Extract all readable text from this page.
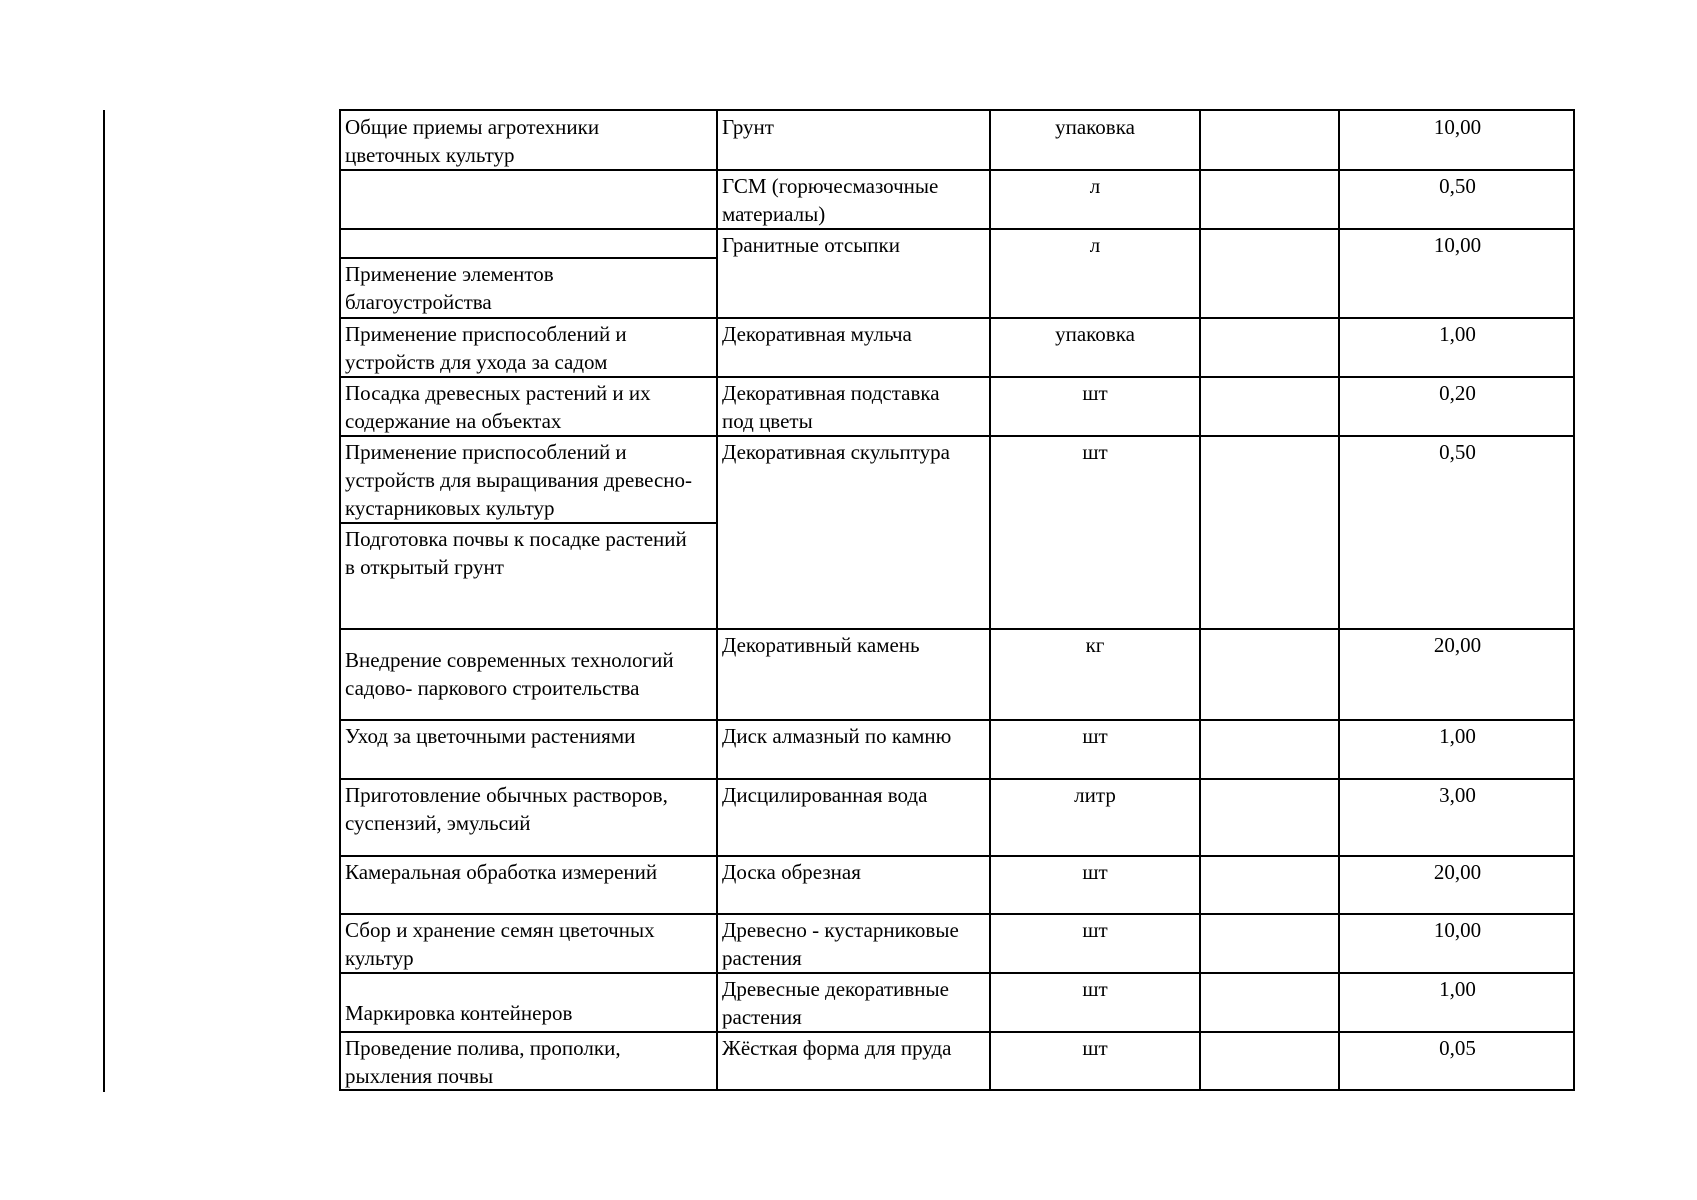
Общие приемы агротехники
цветочных культур
Применение элементов
благоустройства
Применение приспособлений и
устройств для ухода за садом
Посадка древесных растений и их
содержание на объектах
Применение приспособлений и
устройств для выращивания древесно-
кустарниковых культур
Подготовка почвы к посадке растений
в открытый грунт
Внедрение современных технологий
садово- паркового строительства
Уход за цветочными растениями
Приготовление обычных растворов,
суспензий, эмульсий
Камеральная обработка измерений
Сбор и хранение семян цветочных
культур
Маркировка контейнеров
Проведение полива, прополки,
рыхления почвы
Грунт
ГСМ (горючесмазочные
материалы)
Гранитные отсыпки
Декоративная мульча
Декоративная подставка
под цветы
Декоративная скульптура
Декоративный камень
Диск алмазный по камню
Дисцилированная вода
Доска обрезная
Древесно - кустарниковые
растения
Древесные декоративные
растения
Жёсткая форма для пруда
упаковка
л
л
упаковка
шт
шт
кг
шт
литр
шт
шт
шт
шт
10,00
0,50
10,00
1,00
0,20
0,50
20,00
1,00
3,00
20,00
10,00
1,00
0,05
